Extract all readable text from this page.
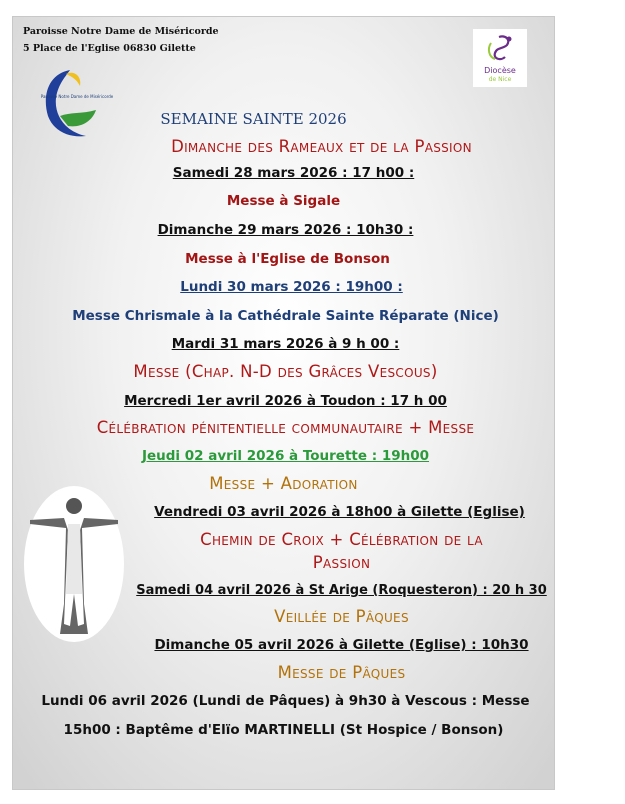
Paroisse Notre Dame de Miséricorde
5 Place de l'Eglise 06830 Gilette
Paroisse Notre Dame de Miséricorde
Diocèse
de Nice
SEMAINE SAINTE 2026
Dimanche des Rameaux et de la Passion
Samedi 28 mars 2026 : 17 h00 :
Messe à Sigale
Dimanche 29 mars 2026 : 10h30 :
Messe à l'Eglise de Bonson
Lundi 30 mars 2026 : 19h00 :
Messe Chrismale à la Cathédrale Sainte Réparate (Nice)
Mardi 31 mars 2026 à 9 h 00 :
Messe (Chap. N-D des Grâces Vescous)
Mercredi 1er avril 2026 à Toudon : 17 h 00
Célébration pénitentielle communautaire + Messe
Jeudi 02 avril 2026 à Tourette : 19h00
Messe + Adoration
Vendredi 03 avril 2026 à 18h00 à Gilette (Eglise)
Chemin de Croix + Célébration de la
Passion
Samedi 04 avril 2026 à St Arige (Roquesteron) : 20 h 30
Veillée de Pâques
Dimanche 05 avril 2026 à Gilette (Eglise) : 10h30
Messe de Pâques
Lundi 06 avril 2026 (Lundi de Pâques) à 9h30 à Vescous : Messe
15h00 : Baptême d'Elïo MARTINELLI (St Hospice / Bonson)
